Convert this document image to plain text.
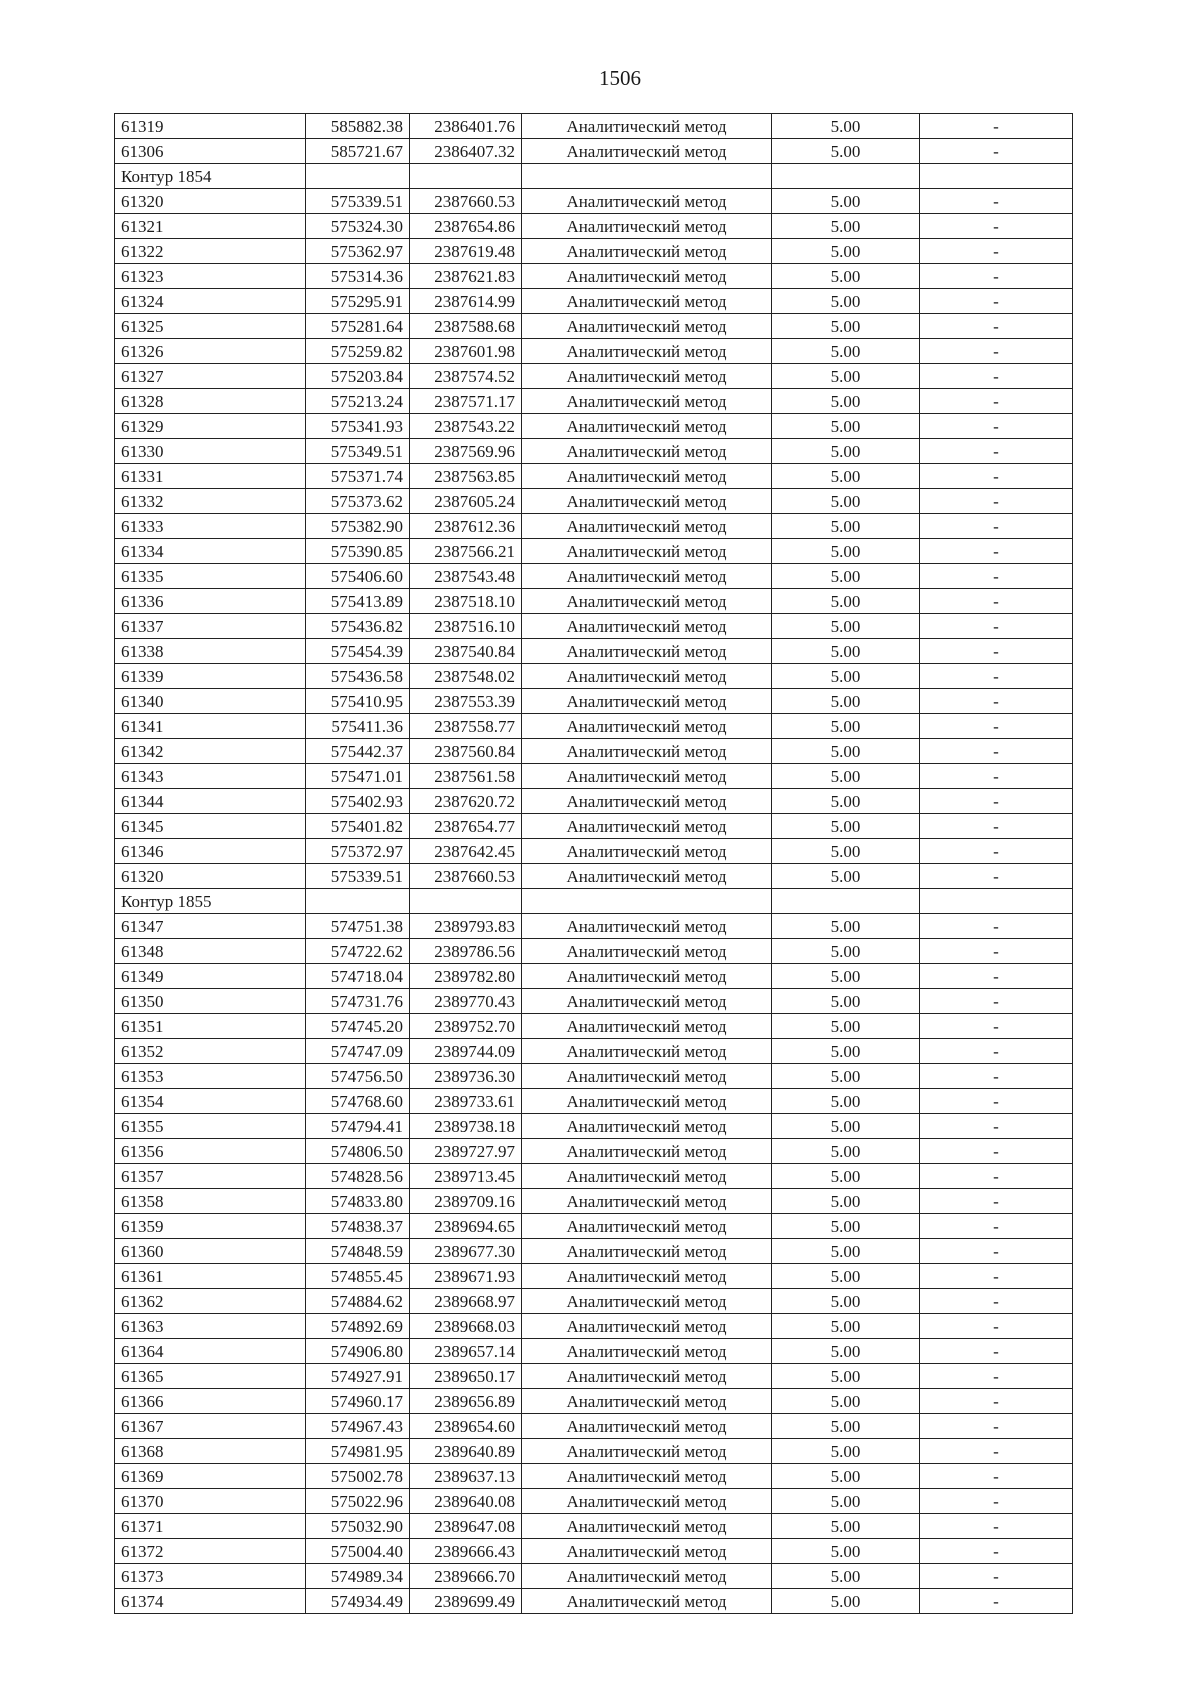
1506
61319	585882.38	2386401.76	Аналитический метод	5.00	-
61306	585721.67	2386407.32	Аналитический метод	5.00	-
Контур 1854					
61320	575339.51	2387660.53	Аналитический метод	5.00	-
61321	575324.30	2387654.86	Аналитический метод	5.00	-
61322	575362.97	2387619.48	Аналитический метод	5.00	-
61323	575314.36	2387621.83	Аналитический метод	5.00	-
61324	575295.91	2387614.99	Аналитический метод	5.00	-
61325	575281.64	2387588.68	Аналитический метод	5.00	-
61326	575259.82	2387601.98	Аналитический метод	5.00	-
61327	575203.84	2387574.52	Аналитический метод	5.00	-
61328	575213.24	2387571.17	Аналитический метод	5.00	-
61329	575341.93	2387543.22	Аналитический метод	5.00	-
61330	575349.51	2387569.96	Аналитический метод	5.00	-
61331	575371.74	2387563.85	Аналитический метод	5.00	-
61332	575373.62	2387605.24	Аналитический метод	5.00	-
61333	575382.90	2387612.36	Аналитический метод	5.00	-
61334	575390.85	2387566.21	Аналитический метод	5.00	-
61335	575406.60	2387543.48	Аналитический метод	5.00	-
61336	575413.89	2387518.10	Аналитический метод	5.00	-
61337	575436.82	2387516.10	Аналитический метод	5.00	-
61338	575454.39	2387540.84	Аналитический метод	5.00	-
61339	575436.58	2387548.02	Аналитический метод	5.00	-
61340	575410.95	2387553.39	Аналитический метод	5.00	-
61341	575411.36	2387558.77	Аналитический метод	5.00	-
61342	575442.37	2387560.84	Аналитический метод	5.00	-
61343	575471.01	2387561.58	Аналитический метод	5.00	-
61344	575402.93	2387620.72	Аналитический метод	5.00	-
61345	575401.82	2387654.77	Аналитический метод	5.00	-
61346	575372.97	2387642.45	Аналитический метод	5.00	-
61320	575339.51	2387660.53	Аналитический метод	5.00	-
Контур 1855					
61347	574751.38	2389793.83	Аналитический метод	5.00	-
61348	574722.62	2389786.56	Аналитический метод	5.00	-
61349	574718.04	2389782.80	Аналитический метод	5.00	-
61350	574731.76	2389770.43	Аналитический метод	5.00	-
61351	574745.20	2389752.70	Аналитический метод	5.00	-
61352	574747.09	2389744.09	Аналитический метод	5.00	-
61353	574756.50	2389736.30	Аналитический метод	5.00	-
61354	574768.60	2389733.61	Аналитический метод	5.00	-
61355	574794.41	2389738.18	Аналитический метод	5.00	-
61356	574806.50	2389727.97	Аналитический метод	5.00	-
61357	574828.56	2389713.45	Аналитический метод	5.00	-
61358	574833.80	2389709.16	Аналитический метод	5.00	-
61359	574838.37	2389694.65	Аналитический метод	5.00	-
61360	574848.59	2389677.30	Аналитический метод	5.00	-
61361	574855.45	2389671.93	Аналитический метод	5.00	-
61362	574884.62	2389668.97	Аналитический метод	5.00	-
61363	574892.69	2389668.03	Аналитический метод	5.00	-
61364	574906.80	2389657.14	Аналитический метод	5.00	-
61365	574927.91	2389650.17	Аналитический метод	5.00	-
61366	574960.17	2389656.89	Аналитический метод	5.00	-
61367	574967.43	2389654.60	Аналитический метод	5.00	-
61368	574981.95	2389640.89	Аналитический метод	5.00	-
61369	575002.78	2389637.13	Аналитический метод	5.00	-
61370	575022.96	2389640.08	Аналитический метод	5.00	-
61371	575032.90	2389647.08	Аналитический метод	5.00	-
61372	575004.40	2389666.43	Аналитический метод	5.00	-
61373	574989.34	2389666.70	Аналитический метод	5.00	-
61374	574934.49	2389699.49	Аналитический метод	5.00	-
